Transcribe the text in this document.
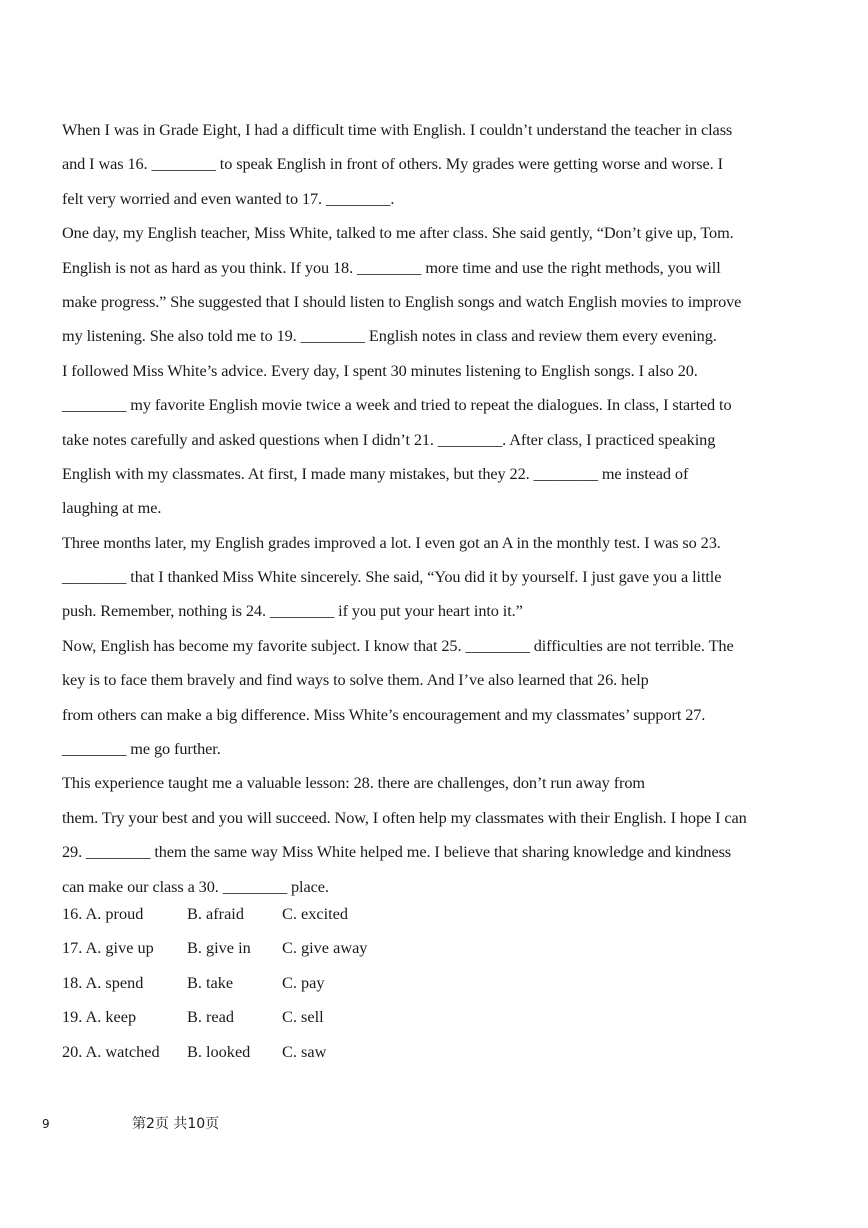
When I was in Grade Eight, I had a difficult time with English. I couldn’t understand the teacher in class
and I was 16. ________ to speak English in front of others. My grades were getting worse and worse. I
felt very worried and even wanted to 17. ________.
One day, my English teacher, Miss White, talked to me after class. She said gently, “Don’t give up, Tom.
English is not as hard as you think. If you 18. ________ more time and use the right methods, you will
make progress.” She suggested that I should listen to English songs and watch English movies to improve
my listening. She also told me to 19. ________ English notes in class and review them every evening.
I followed Miss White’s advice. Every day, I spent 30 minutes listening to English songs. I also 20.
________ my favorite English movie twice a week and tried to repeat the dialogues. In class, I started to
take notes carefully and asked questions when I didn’t 21. ________. After class, I practiced speaking
English with my classmates. At first, I made many mistakes, but they 22. ________ me instead of
laughing at me.
Three months later, my English grades improved a lot. I even got an A in the monthly test. I was so 23.
________ that I thanked Miss White sincerely. She said, “You did it by yourself. I just gave you a little
push. Remember, nothing is 24. ________ if you put your heart into it.”
Now, English has become my favorite subject. I know that 25. ________ difficulties are not terrible. The
key is to face them bravely and find ways to solve them. And I’ve also learned that 26. help
from others can make a big difference. Miss White’s encouragement and my classmates’ support 27.
________ me go further.
This experience taught me a valuable lesson: 28. there are challenges, don’t run away from
them. Try your best and you will succeed. Now, I often help my classmates with their English. I hope I can
29. ________ them the same way Miss White helped me. I believe that sharing knowledge and kindness
can make our class a 30. ________ place.
16. A. proud	B. afraid C. excited
17. A. give up B. give in C. give away
18. A. spend	B. take	C. pay
19. A. keep	B. read	C. sell
20. A. watched B. looked C. saw
9	第2页 共10页
